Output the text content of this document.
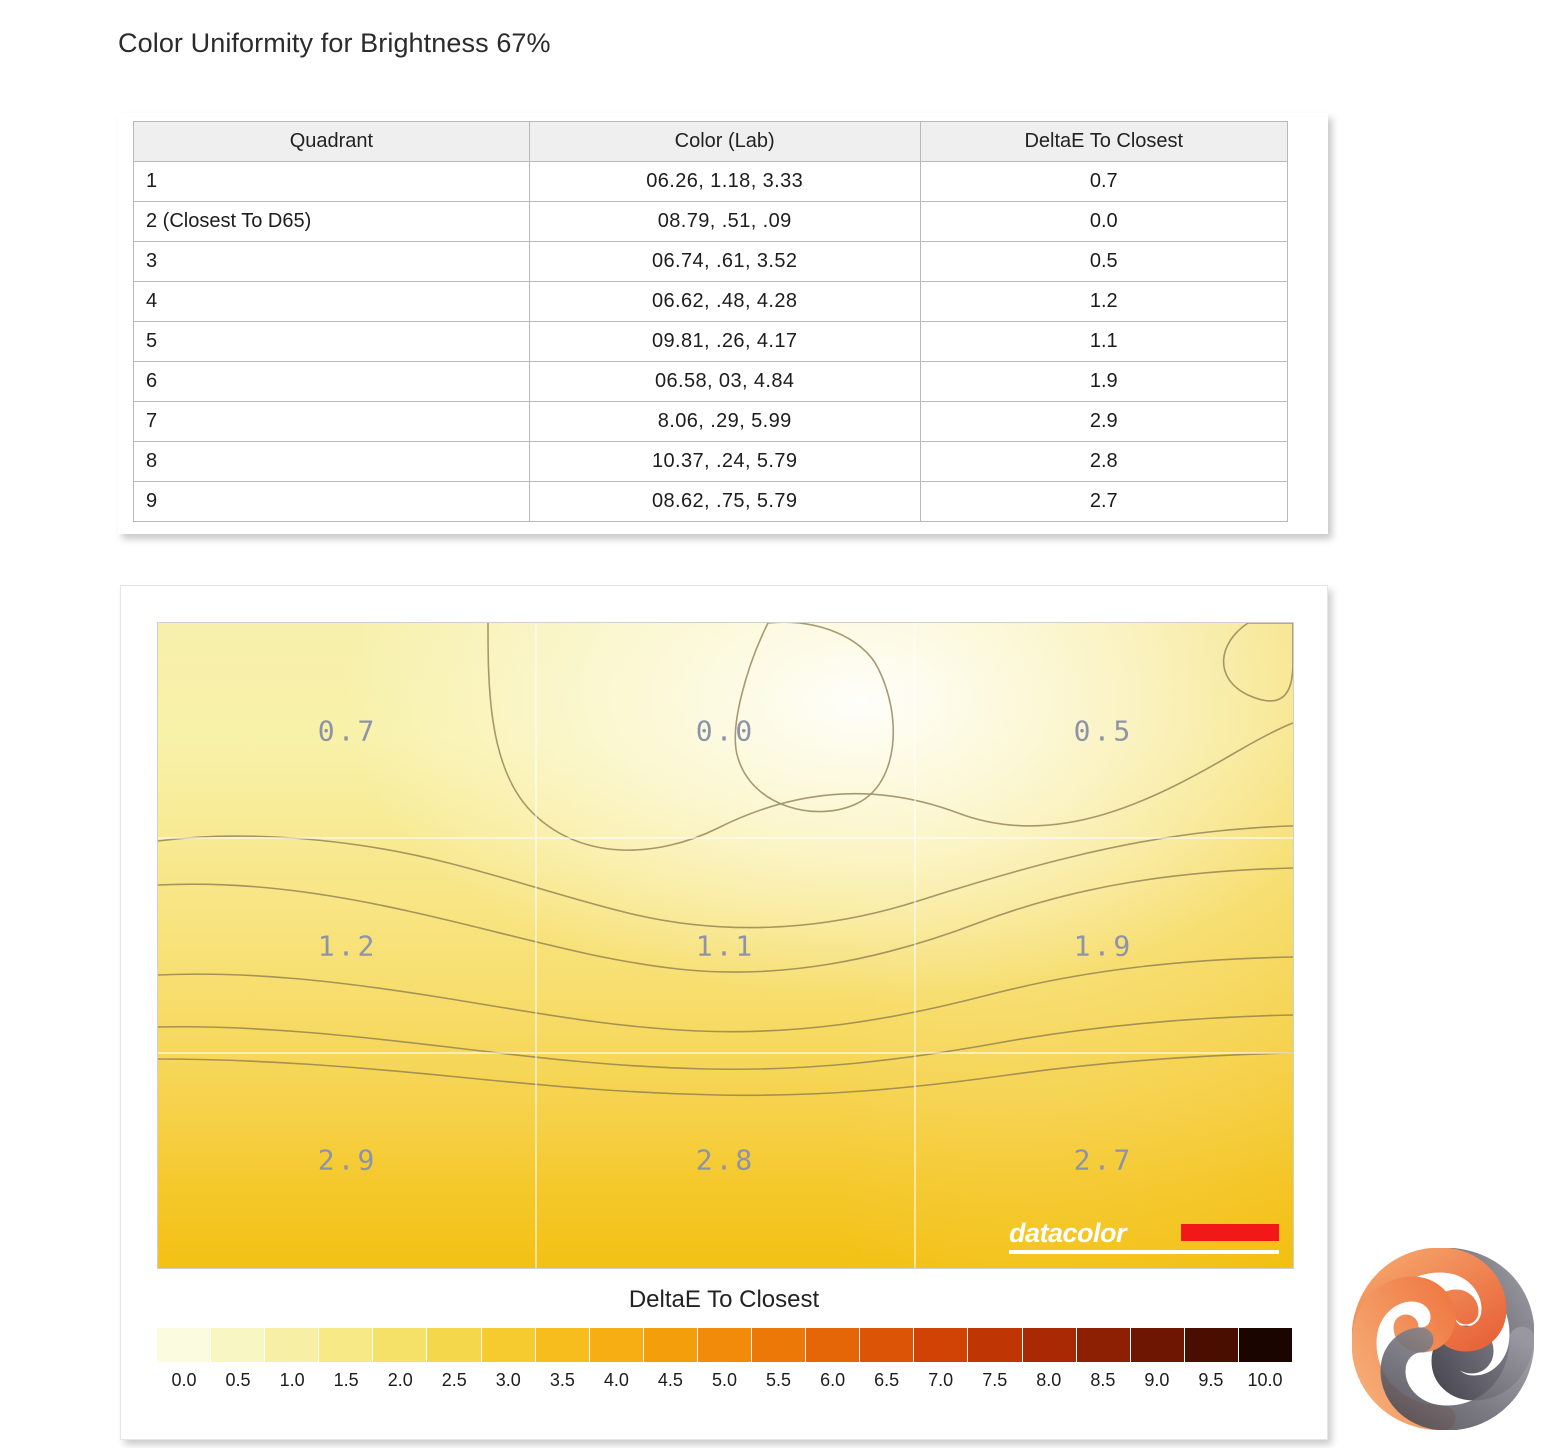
Color Uniformity for Brightness 67%
Quadrant	Color (Lab)	DeltaE To Closest
1	06.26, 1.18, 3.33	0.7
2 (Closest To D65)	08.79, .51, .09	0.0
3	06.74, .61, 3.52	0.5
4	06.62, .48, 4.28	1.2
5	09.81, .26, 4.17	1.1
6	06.58, 03, 4.84	1.9
7	8.06, .29, 5.99	2.9
8	10.37, .24, 5.79	2.8
9	08.62, .75, 5.79	2.7
0.7	0.0	0.5
1.2	1.1	1.9
2.9	2.8	2.7
datacolor
DeltaE To Closest
0.0 0.5 1.0 1.5 2.0 2.5 3.0 3.5 4.0 4.5 5.0 5.5 6.0 6.5 7.0 7.5 8.0 8.5 9.0 9.5 10.0
